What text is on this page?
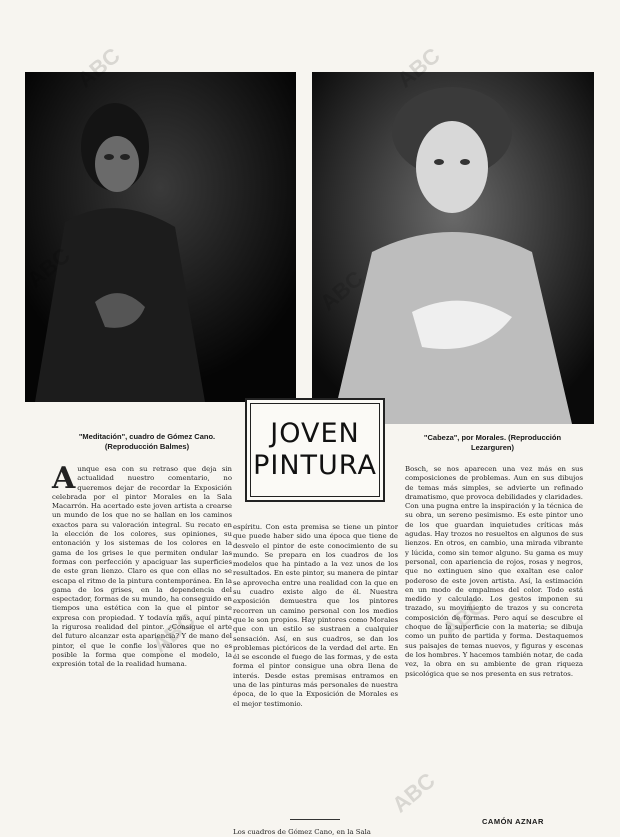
ABC	ABC
ABC	ABC
ABC
"Meditación", cuadro de Gómez Cano. (Reproducción Balmes)
"Cabeza", por Morales. (Reproducción Lezarguren)
JOVEN
PINTURA
A unque esa con su retraso que deja sin actualidad nuestro comentario, no queremos dejar de recordar la Exposición celebrada por el pintor Morales en la Sala Macarrón. Ha acertado este joven artista a crearse un mundo de los que no se hallan en los caminos exactos para su valoración integral. Su recato en la elección de los colores, sus opiniones, su entonación y los sistemas de los colores en la gama de los grises le que permiten ondular las formas con perfección y apaciguar las superficies de este gran lienzo. Claro es que con ellas no se escapa el ritmo de la pintura contemporánea. En la gama de los grises, en la dependencia del espectador, formas de su mundo, ha conseguido en tiempos una estética con la que el pintor se expresa con propiedad. Y todavía más, aquí pinta la rigurosa realidad del pintor. ¿Consigue el arte del futuro alcanzar esta apariencia? Y de mano del pintor, el que le confie los valores que no es posible la forma que compone el modelo, la expresión total de la realidad humana.
espíritu. Con esta premisa se tiene un pintor que puede haber sido una época que tiene de desvelo el pintor de este conocimiento de su mundo. Se prepara en los cuadros de los modelos que ha pintado a la vez unos de los resultados. En este pintor, su manera de pintar se aprovecha entre una realidad con la que en su cuadro existe algo de él. Nuestra exposición demuestra que los pintores recorren un camino personal con los medios que le son propios. Hay pintores como Morales que con un estilo se sustraen a cualquier sensación. Así, en sus cuadros, se dan los problemas pictóricos de la verdad del arte. En él se esconde el fuego de las formas, y de esta forma el pintor consigue una obra llena de interés. Desde estas premisas entramos en una de las pinturas más personales de nuestra época, de lo que la Exposición de Morales es el mejor testimonio.
Bosch, se nos aparecen una vez más en sus composiciones de problemas. Aun en sus dibujos de temas más simples, se advierte un refinado dramatismo, que provoca debilidades y claridades. Con una pugna entre la inspiración y la técnica de su obra, un sereno pesimismo. Es este pintor uno de los que guardan inquietudes críticas más agudas. Hay trozos no resueltos en algunos de sus lienzos. En otros, en cambio, una mirada vibrante y lúcida, como sin temor alguno. Su gama es muy personal, con apariencia de rojos, rosas y negros, que no extinguen sino que exaltan ese calor poderoso de este joven artista. Así, la estimación en un modo de empalmes del color. Todo está medido y calculado. Los gestos imponen su trazado, su movimiento de trazos y su concreta composición de formas. Pero aquí se descubre el choque de la superficie con la materia; se dibuja como un punto de partida y forma. Destaquemos sus paisajes de temas nuevos, y figuras y escenas de los hombres. Y hacemos también notar, de cada vez, la obra en su ambiente de gran riqueza psicológica que se nos presenta en sus retratos.
Los cuadros de Gómez Cano, en la Sala
CAMÓN AZNAR
